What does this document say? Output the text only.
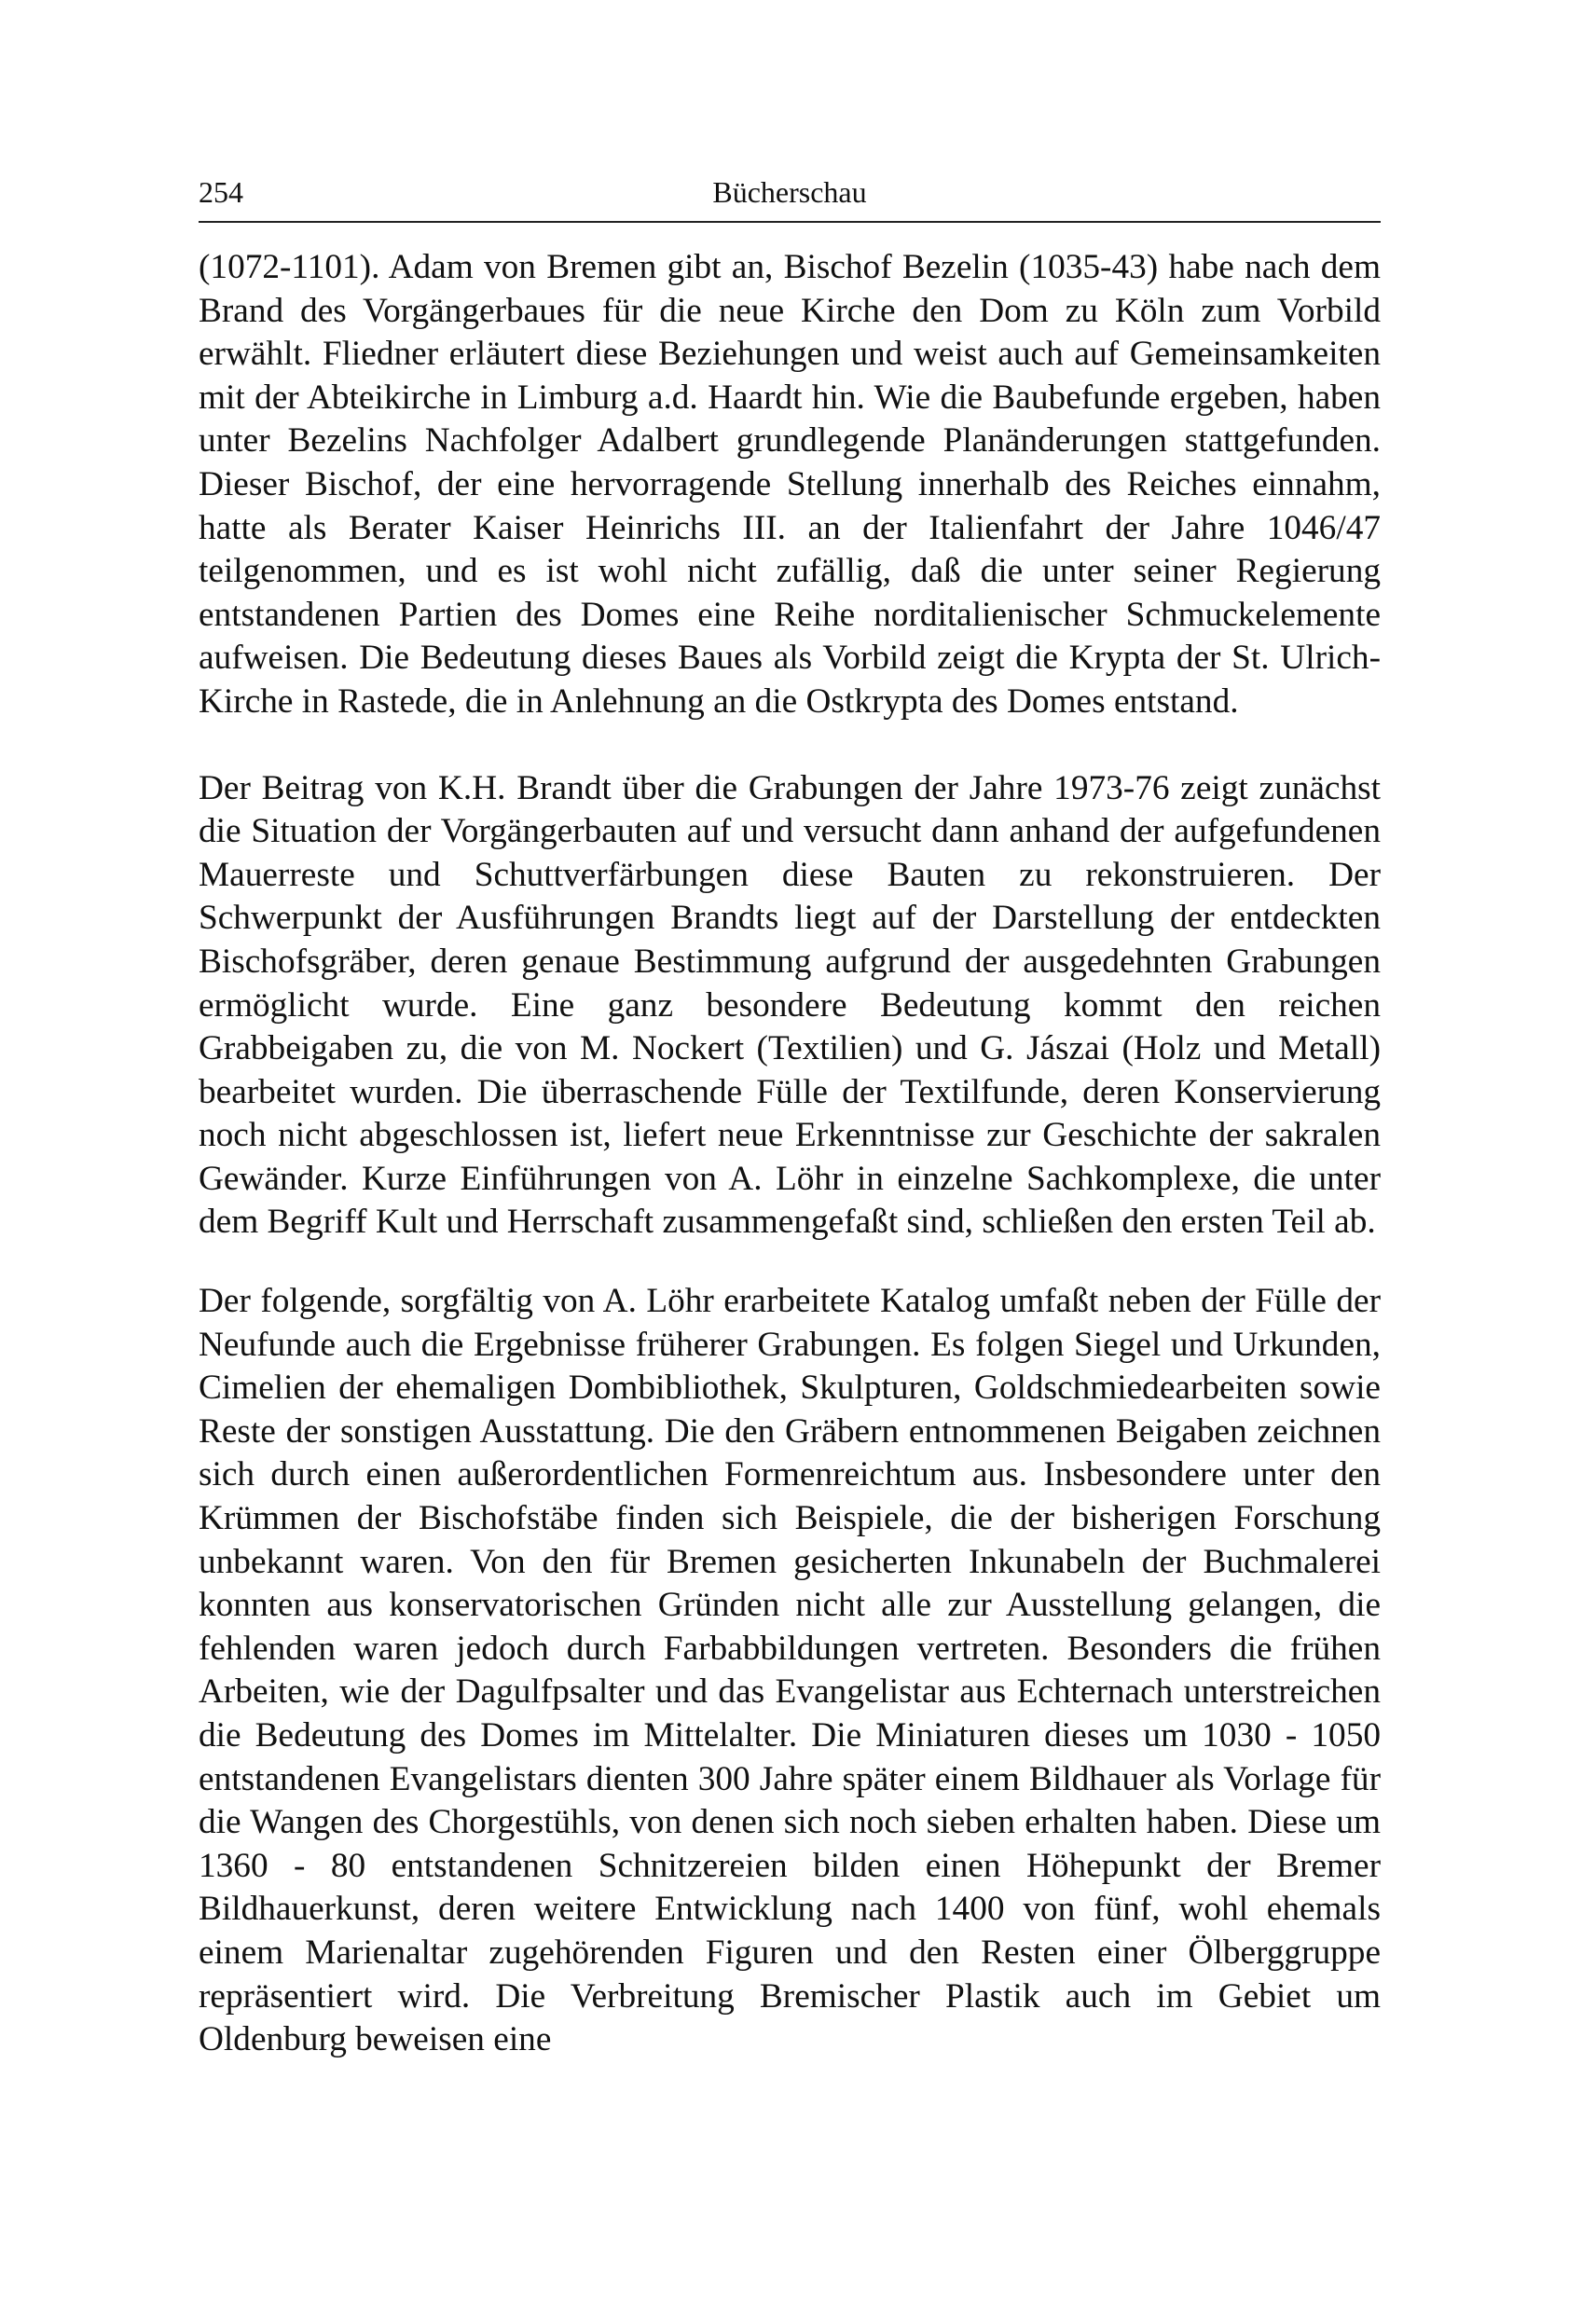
254	Bücherschau

(1072-1101). Adam von Bremen gibt an, Bischof Bezelin (1035-43) habe nach dem Brand des Vorgängerbaues für die neue Kirche den Dom zu Köln zum Vorbild erwählt. Fliedner erläutert diese Beziehungen und weist auch auf Gemeinsamkeiten mit der Abteikirche in Limburg a.d. Haardt hin. Wie die Baubefunde ergeben, haben unter Bezelins Nachfolger Adalbert grundlegende Planänderungen stattgefunden. Dieser Bischof, der eine hervorragende Stellung innerhalb des Reiches einnahm, hatte als Berater Kaiser Heinrichs III. an der Italienfahrt der Jahre 1046/47 teilgenommen, und es ist wohl nicht zufällig, daß die unter seiner Regierung entstandenen Partien des Domes eine Reihe norditalienischer Schmuckelemente aufweisen. Die Bedeutung dieses Baues als Vorbild zeigt die Krypta der St. Ulrich-Kirche in Rastede, die in Anlehnung an die Ostkrypta des Domes entstand.

Der Beitrag von K.H. Brandt über die Grabungen der Jahre 1973-76 zeigt zunächst die Situation der Vorgängerbauten auf und versucht dann anhand der aufgefundenen Mauerreste und Schuttverfärbungen diese Bauten zu rekonstruieren. Der Schwerpunkt der Ausführungen Brandts liegt auf der Darstellung der entdeckten Bischofsgräber, deren genaue Bestimmung aufgrund der ausgedehnten Grabungen ermöglicht wurde. Eine ganz besondere Bedeutung kommt den reichen Grabbeigaben zu, die von M. Nockert (Textilien) und G. Jászai (Holz und Metall) bearbeitet wurden. Die überraschende Fülle der Textilfunde, deren Konservierung noch nicht abgeschlossen ist, liefert neue Erkenntnisse zur Geschichte der sakralen Gewänder. Kurze Einführungen von A. Löhr in einzelne Sachkomplexe, die unter dem Begriff Kult und Herrschaft zusammengefaßt sind, schließen den ersten Teil ab.

Der folgende, sorgfältig von A. Löhr erarbeitete Katalog umfaßt neben der Fülle der Neufunde auch die Ergebnisse früherer Grabungen. Es folgen Siegel und Urkunden, Cimelien der ehemaligen Dombibliothek, Skulpturen, Goldschmiedearbeiten sowie Reste der sonstigen Ausstattung. Die den Gräbern entnommenen Beigaben zeichnen sich durch einen außerordentlichen Formenreichtum aus. Insbesondere unter den Krümmen der Bischofstäbe finden sich Beispiele, die der bisherigen Forschung unbekannt waren. Von den für Bremen gesicherten Inkunabeln der Buchmalerei konnten aus konservatorischen Gründen nicht alle zur Ausstellung gelangen, die fehlenden waren jedoch durch Farbabbildungen vertreten. Besonders die frühen Arbeiten, wie der Dagulfpsalter und das Evangelistar aus Echternach unterstreichen die Bedeutung des Domes im Mittelalter. Die Miniaturen dieses um 1030 - 1050 entstandenen Evangelistars dienten 300 Jahre später einem Bildhauer als Vorlage für die Wangen des Chorgestühls, von denen sich noch sieben erhalten haben. Diese um 1360 - 80 entstandenen Schnitzereien bilden einen Höhepunkt der Bremer Bildhauerkunst, deren weitere Entwicklung nach 1400 von fünf, wohl ehemals einem Marienaltar zugehörenden Figuren und den Resten einer Ölberggruppe repräsentiert wird. Die Verbreitung Bremischer Plastik auch im Gebiet um Oldenburg beweisen eine
